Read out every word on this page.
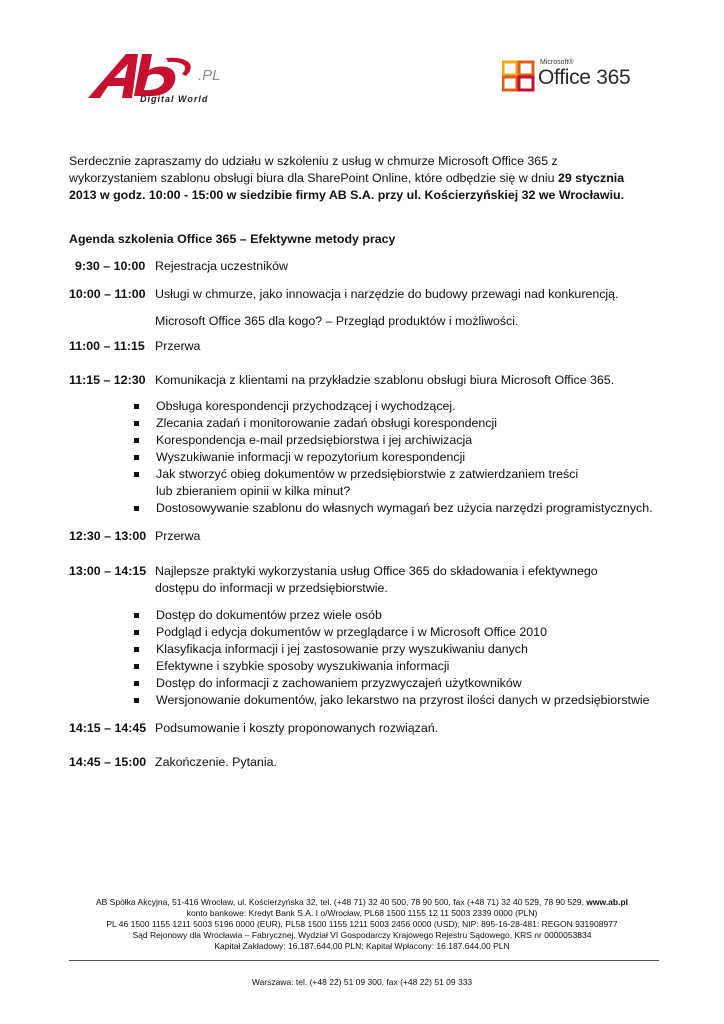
.PL
Digital World
Microsoft®
Office 365
Serdecznie zapraszamy do udziału w szkoleniu z usług w chmurze Microsoft Office 365 z wykorzystaniem szablonu obsługi biura dla SharePoint Online, które odbędzie się w dniu 29 stycznia 2013 w godz. 10:00 - 15:00 w siedzibie firmy AB S.A. przy ul. Kościerzyńskiej 32 we Wrocławiu.
Agenda szkolenia Office 365 – Efektywne metody pracy
9:30 – 10:00 Rejestracja uczestników
10:00 – 11:00 Usługi w chmurze, jako innowacja i narzędzie do budowy przewagi nad konkurencją.
Microsoft Office 365 dla kogo? – Przegląd produktów i możliwości.
11:00 – 11:15 Przerwa
11:15 – 12:30 Komunikacja z klientami na przykładzie szablonu obsługi biura Microsoft Office 365.
Obsługa korespondencji przychodzącej i wychodzącej.
Zlecania zadań i monitorowanie zadań obsługi korespondencji
Korespondencja e-mail przedsiębiorstwa i jej archiwizacja
Wyszukiwanie informacji w repozytorium korespondencji
Jak stworzyć obieg dokumentów w przedsiębiorstwie z zatwierdzaniem treści lub zbieraniem opinii w kilka minut?
Dostosowywanie szablonu do własnych wymagań bez użycia narzędzi programistycznych.
12:30 – 13:00 Przerwa
13:00 – 14:15 Najlepsze praktyki wykorzystania usług Office 365 do składowania i efektywnego dostępu do informacji w przedsiębiorstwie.
Dostęp do dokumentów przez wiele osób
Podgląd i edycja dokumentów w przeglądarce i w Microsoft Office 2010
Klasyfikacja informacji i jej zastosowanie przy wyszukiwaniu danych
Efektywne i szybkie sposoby wyszukiwania informacji
Dostęp do informacji z zachowaniem przyzwyczajeń użytkowników
Wersjonowanie dokumentów, jako lekarstwo na przyrost ilości danych w przedsiębiorstwie
14:15 – 14:45 Podsumowanie i koszty proponowanych rozwiązań.
14:45 – 15:00 Zakończenie. Pytania.
AB Spółka Akcyjna, 51-416 Wrocław, ul. Kościerzyńska 32, tel. (+48 71) 32 40 500, 78 90 500, fax (+48 71) 32 40 529, 78 90 529, www.ab.pl
konto bankowe: Kredyt Bank S.A. I o/Wrocław, PL68 1500 1155 12 11 5003 2339 0000 (PLN)
PL 46 1500 1155 1211 5003 5196 0000 (EUR), PL58 1500 1155 1211 5003 2456 0000 (USD); NIP: 895-16-28-481: REGON 931908977
Sąd Rejonowy dla Wrocławia – Fabrycznej, Wydział VI Gospodarczy Krajowego Rejestru Sądowego, KRS nr 0000053834
Kapitał Zakładowy: 16.187.644,00 PLN; Kapitał Wpłacony: 16.187.644,00 PLN
Warszawa: tel. (+48 22) 51 09 300, fax (+48 22) 51 09 333
